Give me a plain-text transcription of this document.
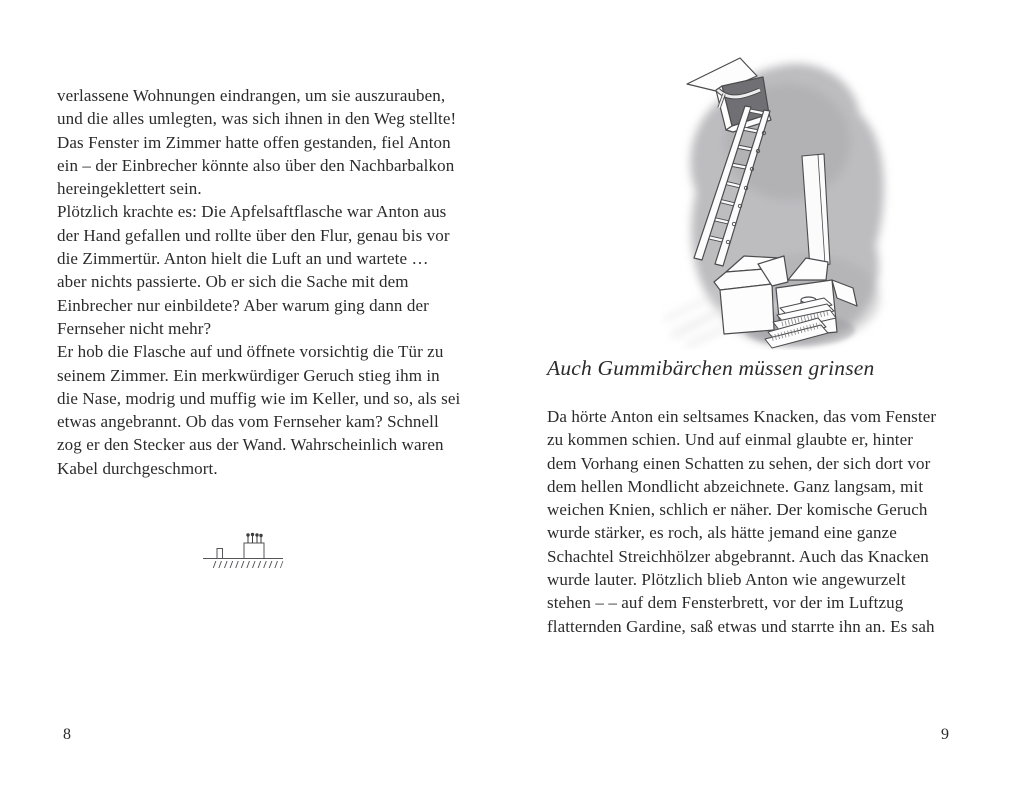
verlassene Wohnungen eindrangen, um sie auszurauben,
und die alles umlegten, was sich ihnen in den Weg stellte!
Das Fenster im Zimmer hatte offen gestanden, fiel Anton
ein – der Einbrecher könnte also über den Nachbarbalkon
hereingeklettert sein.
Plötzlich krachte es: Die Apfelsaftflasche war Anton aus
der Hand gefallen und rollte über den Flur, genau bis vor
die Zimmertür. Anton hielt die Luft an und wartete …
aber nichts passierte. Ob er sich die Sache mit dem
Einbrecher nur einbildete? Aber warum ging dann der
Fernseher nicht mehr?
Er hob die Flasche auf und öffnete vorsichtig die Tür zu
seinem Zimmer. Ein merkwürdiger Geruch stieg ihm in
die Nase, modrig und muffig wie im Keller, und so, als sei
etwas angebrannt. Ob das vom Fernseher kam? Schnell
zog er den Stecker aus der Wand. Wahrscheinlich waren
Kabel durchgeschmort.
8
Auch Gummibärchen müssen grinsen
Da hörte Anton ein seltsames Knacken, das vom Fenster
zu kommen schien. Und auf einmal glaubte er, hinter
dem Vorhang einen Schatten zu sehen, der sich dort vor
dem hellen Mondlicht abzeichnete. Ganz langsam, mit
weichen Knien, schlich er näher. Der komische Geruch
wurde stärker, es roch, als hätte jemand eine ganze
Schachtel Streichhölzer abgebrannt. Auch das Knacken
wurde lauter. Plötzlich blieb Anton wie angewurzelt
stehen – – auf dem Fensterbrett, vor der im Luftzug
flatternden Gardine, saß etwas und starrte ihn an. Es sah
9
